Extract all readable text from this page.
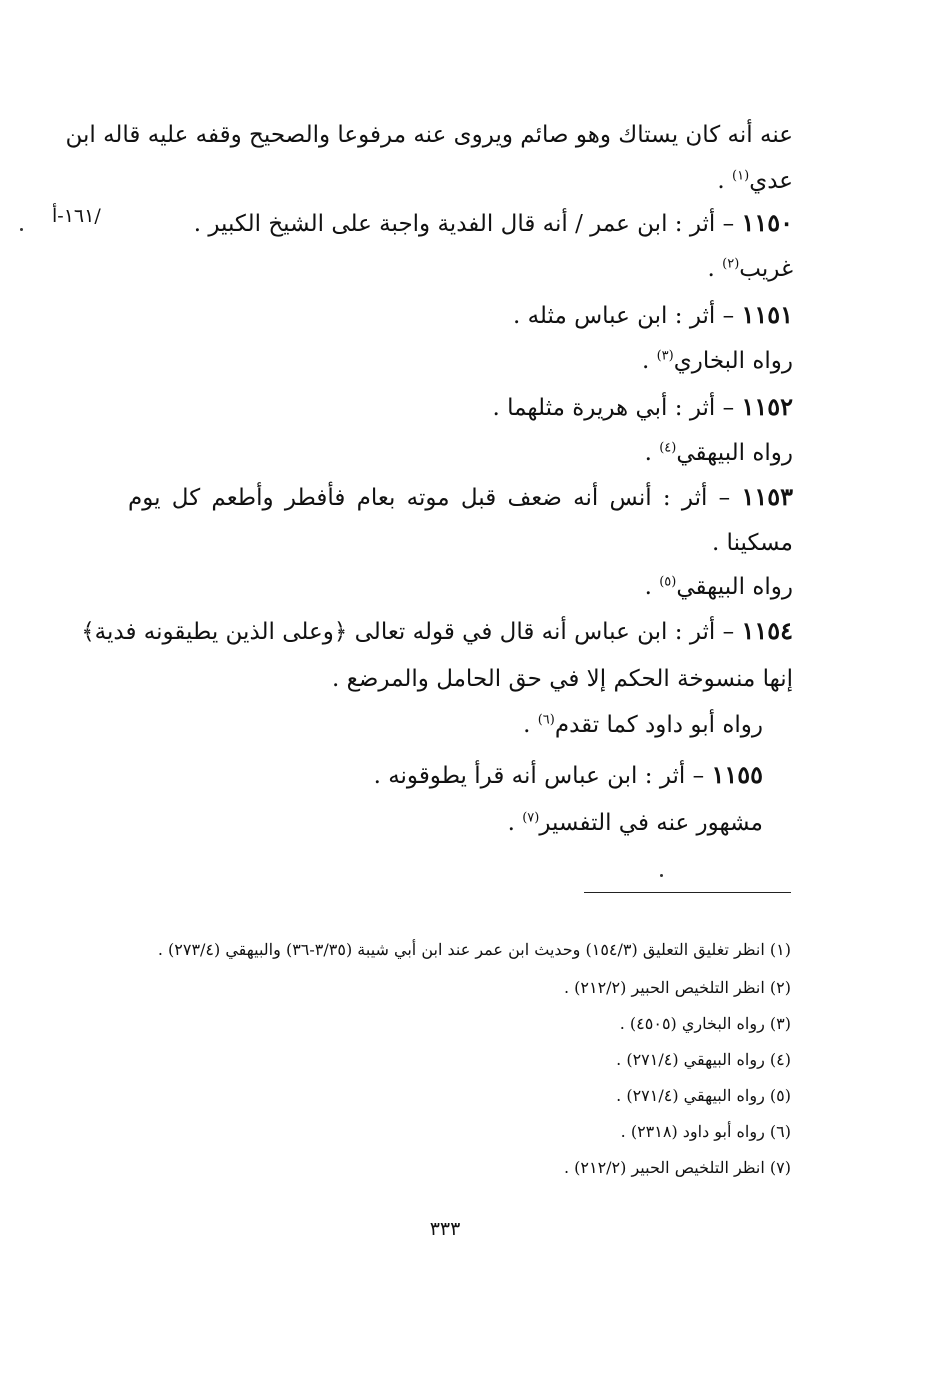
/١٦١-أ
عنه أنه كان يستاك وهو صائم ويروى عنه مرفوعا والصحيح وقفه عليه قاله ابن
عدي$^{(١)}$ .
١١٥٠ – أثر : ابن عمر / أنه قال الفدية واجبة على الشيخ الكبير .
غريب$^{(٢)}$ .
١١٥١ – أثر : ابن عباس مثله .
رواه البخاري$^{(٣)}$ .
١١٥٢ – أثر : أبي هريرة مثلهما .
رواه البيهقي$^{(٤)}$ .
١١٥٣ – أثر : أنس أنه ضعف قبل موته بعام فأفطر وأطعم كل يوم
مسكينا .
رواه البيهقي$^{(٥)}$ .
١١٥٤ – أثر : ابن عباس أنه قال في قوله تعالى ﴿وعلى الذين يطيقونه فدية﴾
إنها منسوخة الحكم إلا في حق الحامل والمرضع .
رواه أبو داود كما تقدم$^{(٦)}$ .
١١٥٥ – أثر : ابن عباس أنه قرأ يطوقونه .
مشهور عنه في التفسير$^{(٧)}$ .
(١) انظر تغليق التعليق (١٥٤/٣) وحديث ابن عمر عند ابن أبي شيبة (٣/٣٥-٣٦) والبيهقي (٢٧٣/٤) .
(٢) انظر التلخيص الحبير (٢١٢/٢) .
(٣) رواه البخاري (٤٥٠٥) .
(٤) رواه البيهقي (٢٧١/٤) .
(٥) رواه البيهقي (٢٧١/٤) .
(٦) رواه أبو داود (٢٣١٨) .
(٧) انظر التلخيص الحبير (٢١٢/٢) .
٣٣٣
